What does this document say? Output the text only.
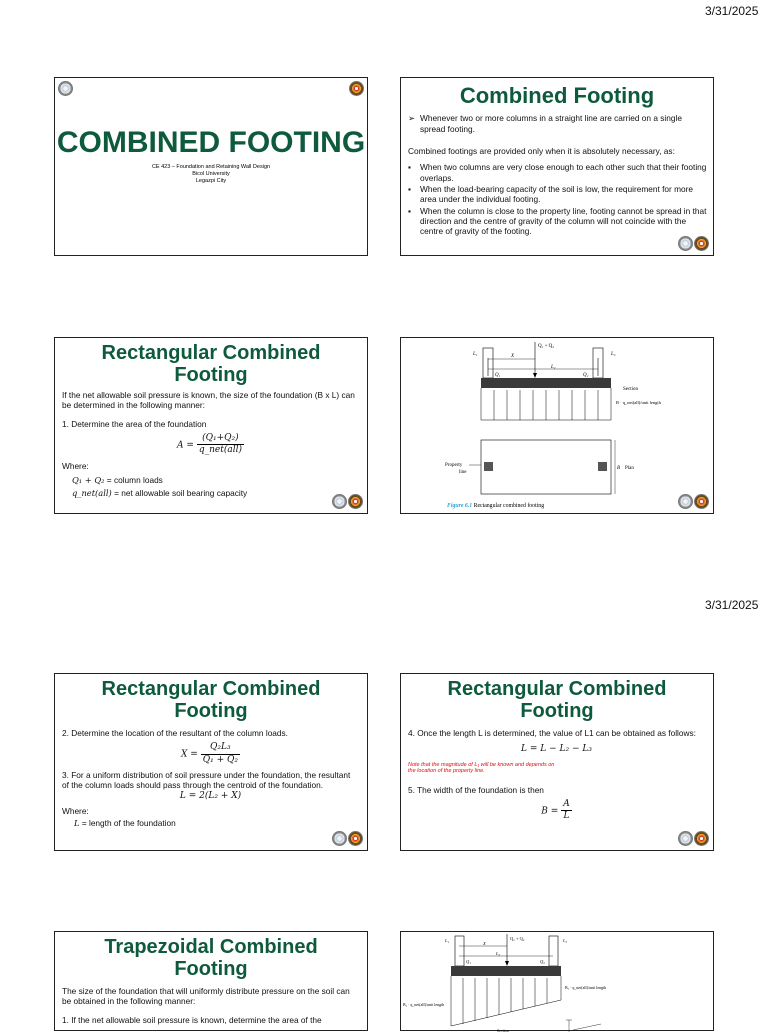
3/31/2025
3/31/2025
COMBINED FOOTING
CE 423 – Foundation and Retaining Wall Design
Bicol University
Legazpi City
Combined Footing
➢ Whenever two or more columns in a straight line are carried on a single spread footing.
Combined footings are provided only when it is absolutely necessary, as:
▪ When two columns are very close enough to each other such that their footing overlaps.
▪ When the load-bearing capacity of the soil is low, the requirement for more area under the individual footing.
▪ When the column is close to the property line, footing cannot be spread in that direction and the centre of gravity of the column will not coincide with the centre of gravity of the footing.
Rectangular Combined Footing
If the net allowable soil pressure is known, the size of the foundation (B x L) can be determined in the following manner:
1. Determine the area of the foundation
$A = \frac{\text{(Q₁+Q₂)}}{\text{q\_net(all)}}$
Where:
Q₁ + Q₂ = column loads
q_net(all) = net allowable soil bearing capacity
Q₁ + Q₂
X
L₂
L₁	L₃
Q₁	Q₂
Section
B · q_net(all)/unit length
B Plan
Property
line
Figure 6.1 Rectangular combined footing
Rectangular Combined Footing
2. Determine the location of the resultant of the column loads.
$X = \frac{\text{Q₂L₃}}{\text{Q₁ + Q₂}}$
3. For a uniform distribution of soil pressure under the foundation, the resultant of the column loads should pass through the centroid of the foundation.
L = 2(L₂ + X)
Where:
L = length of the foundation
Rectangular Combined Footing
4. Once the length L is determined, the value of L1 can be obtained as follows:
L = L − L₂ − L₃
Note that the magnitude of L₁ will be known and depends on the location of the property line.
5. The width of the foundation is then
$B = \frac{A}{L}$
Trapezoidal Combined Footing
The size of the foundation that will uniformly distribute pressure on the soil can be obtained in the following manner:
1. If the net allowable soil pressure is known, determine the area of the
Q₁ + Q₂
X
L₂
L₁	L₃
Q₁	Q₂
B₁ · q_net(all)/unit length
B₂ · q_net(all)/unit length
Section
